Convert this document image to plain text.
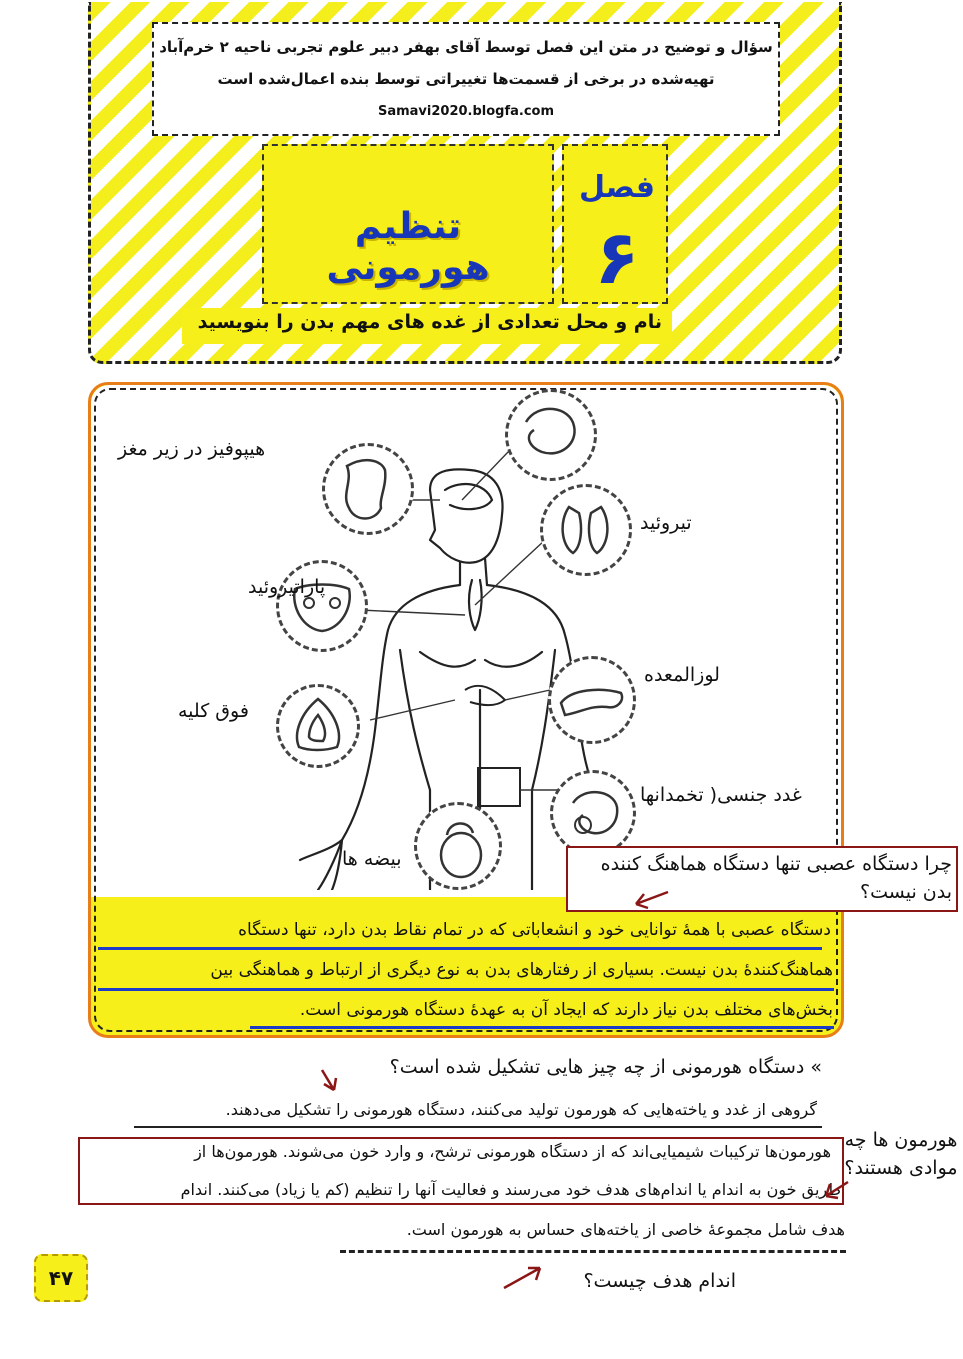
سؤال و توضیح در متن این فصل توسط آقای بهفر دبیر علوم تجربی ناحیه ۲ خرم‌آباد
تهیه‌شده در برخی از قسمت‌ها تغییراتی توسط بنده اعمال‌شده است
Samavi2020.blogfa.com
تنظیم هورمونی
فصل
۶
نام و محل تعدادی از غده های مهم بدن را بنویسید
هیپوفیز در زیر مغز
تیروئید
پاراتیروئید
لوزالمعده
فوق کلیه
غدد جنسی( تخمدانها
بیضه ها	چرا دستگاه عصبی تنها دستگاه هماهنگ کننده بدن نیست؟
دستگاه عصبی با همهٔ توانایی خود و انشعاباتی که در تمام نقاط بدن دارد، تنها دستگاه
هماهنگ‌کنندهٔ بدن نیست. بسیاری از رفتارهای بدن به نوع دیگری از ارتباط و هماهنگی بین
بخش‌های مختلف بدن نیاز دارند که ایجاد آن به عهدهٔ دستگاه هورمونی است.
» دستگاه هورمونی از چه چیز هایی تشکیل شده است؟
گروهی از غدد و یاخته‌هایی که هورمون تولید می‌کنند، دستگاه هورمونی را تشکیل می‌دهند.
هورمون‌ها ترکیبات شیمیایی‌اند که از دستگاه هورمونی ترشح، و وارد خون می‌شوند. هورمون‌ها از
طریق خون به اندام یا اندام‌های هدف خود می‌رسند و فعالیت آنها را تنظیم (کم یا زیاد) می‌کنند. اندام
هدف شامل مجموعهٔ خاصی از یاخته‌های حساس به هورمون است.
هورمون ها چه موادی هستند؟
اندام هدف چیست؟
۴۷
